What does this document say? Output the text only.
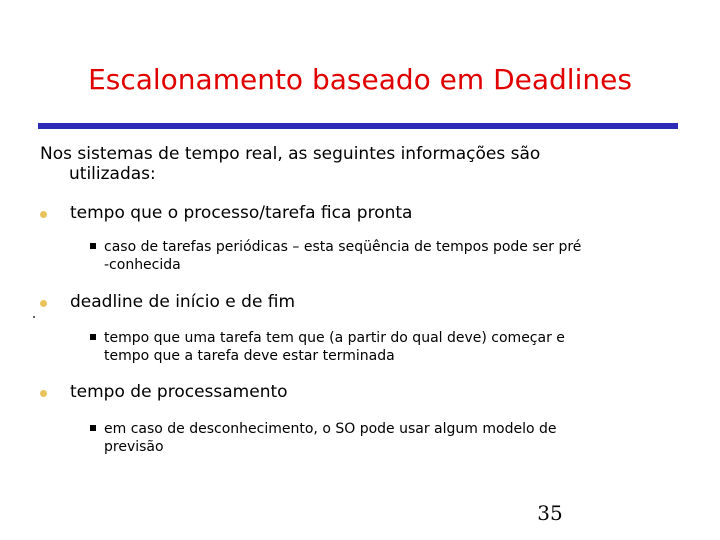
Escalonamento baseado em Deadlines
Nos sistemas de tempo real, as seguintes informações são
utilizadas:
tempo que o processo/tarefa fica pronta
caso de tarefas periódicas – esta seqüência de tempos pode ser pré
-conhecida
deadline de início e de fim
tempo que uma tarefa tem que (a partir do qual deve) começar e
tempo que a tarefa deve estar terminada
tempo de processamento
em caso de desconhecimento, o SO pode usar algum modelo de
previsão
35
